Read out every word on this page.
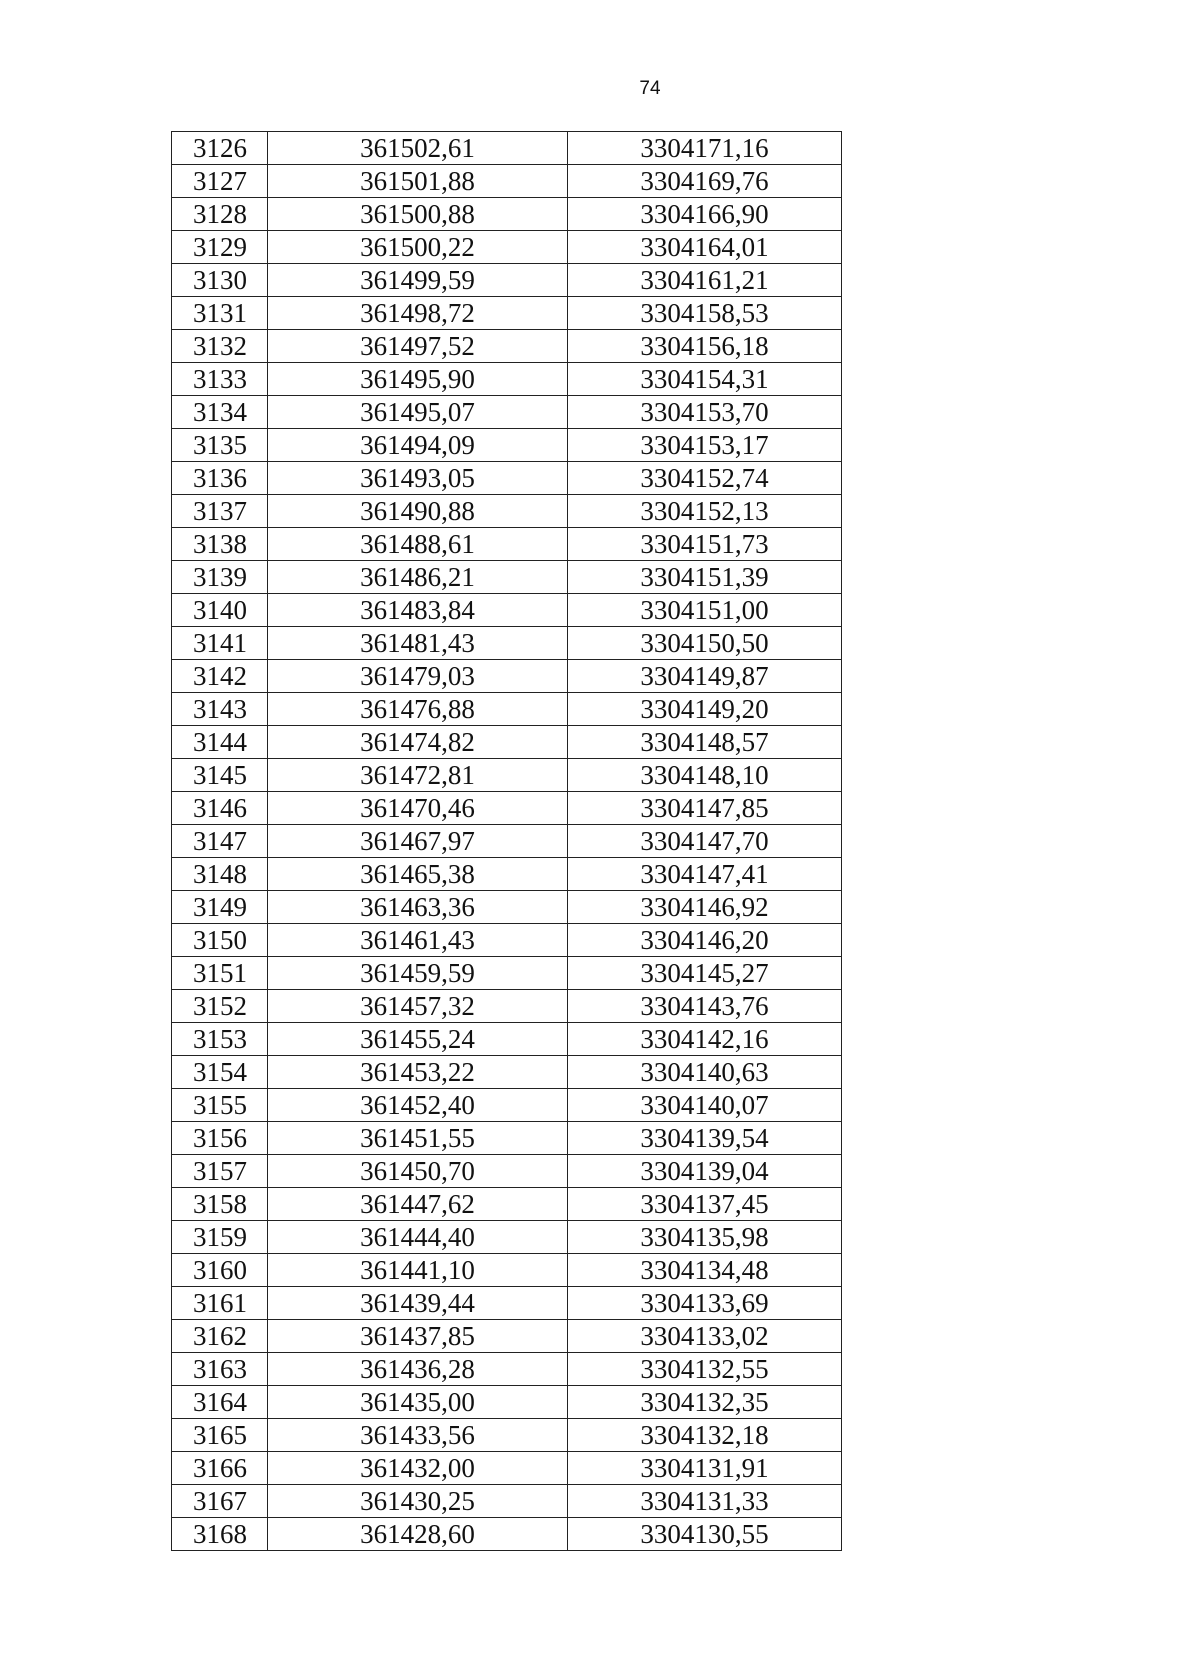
74
3126	361502,61	3304171,16
3127	361501,88	3304169,76
3128	361500,88	3304166,90
3129	361500,22	3304164,01
3130	361499,59	3304161,21
3131	361498,72	3304158,53
3132	361497,52	3304156,18
3133	361495,90	3304154,31
3134	361495,07	3304153,70
3135	361494,09	3304153,17
3136	361493,05	3304152,74
3137	361490,88	3304152,13
3138	361488,61	3304151,73
3139	361486,21	3304151,39
3140	361483,84	3304151,00
3141	361481,43	3304150,50
3142	361479,03	3304149,87
3143	361476,88	3304149,20
3144	361474,82	3304148,57
3145	361472,81	3304148,10
3146	361470,46	3304147,85
3147	361467,97	3304147,70
3148	361465,38	3304147,41
3149	361463,36	3304146,92
3150	361461,43	3304146,20
3151	361459,59	3304145,27
3152	361457,32	3304143,76
3153	361455,24	3304142,16
3154	361453,22	3304140,63
3155	361452,40	3304140,07
3156	361451,55	3304139,54
3157	361450,70	3304139,04
3158	361447,62	3304137,45
3159	361444,40	3304135,98
3160	361441,10	3304134,48
3161	361439,44	3304133,69
3162	361437,85	3304133,02
3163	361436,28	3304132,55
3164	361435,00	3304132,35
3165	361433,56	3304132,18
3166	361432,00	3304131,91
3167	361430,25	3304131,33
3168	361428,60	3304130,55
